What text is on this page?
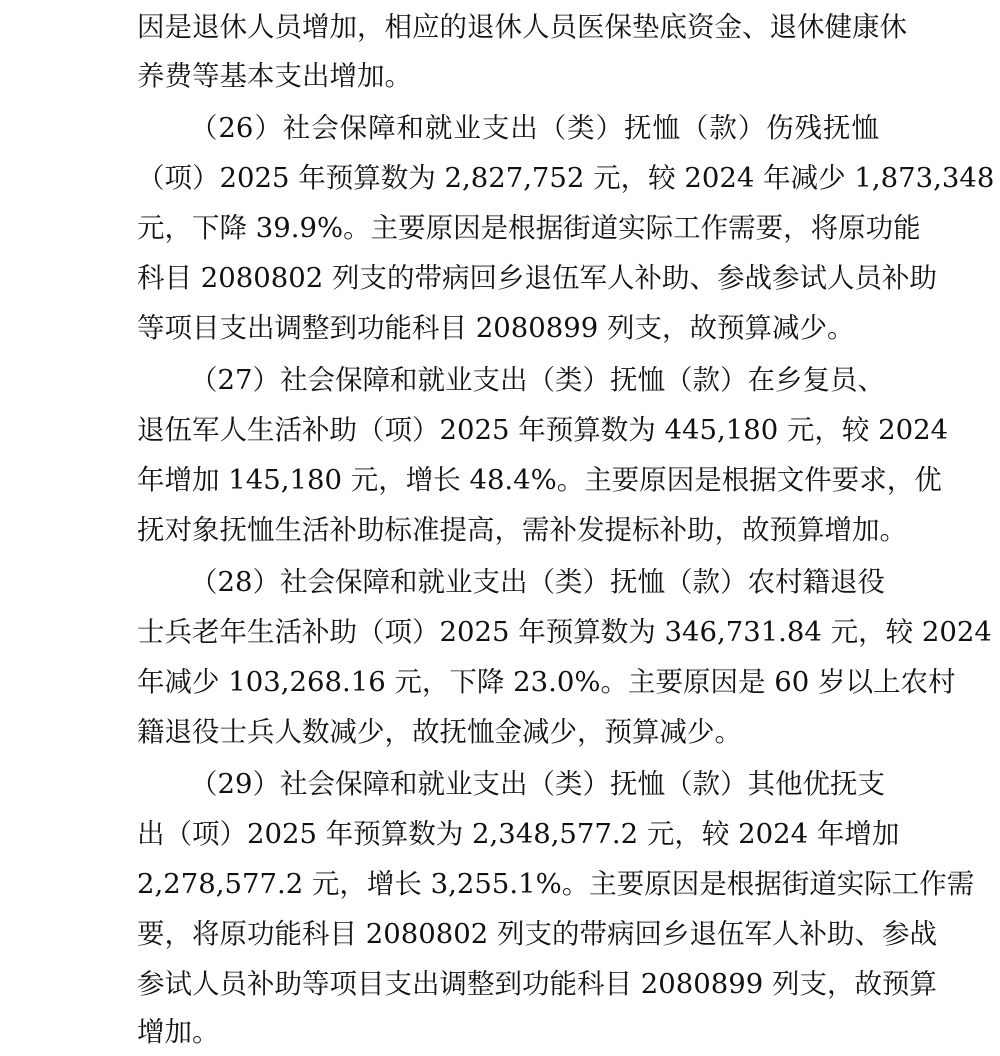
因是退休人员增加，相应的退休人员医保垫底资金、退休健康休

养费等基本支出增加。

（26）社会保障和就业支出（类）抚恤（款）伤残抚恤

（项）2025 年预算数为 2,827,752 元，较 2024 年减少 1,873,348

元，下降 39.9%。主要原因是根据街道实际工作需要，将原功能

科目 2080802 列支的带病回乡退伍军人补助、参战参试人员补助

等项目支出调整到功能科目 2080899 列支，故预算减少。

（27）社会保障和就业支出（类）抚恤（款）在乡复员、

退伍军人生活补助（项）2025 年预算数为 445,180 元，较 2024

年增加 145,180 元，增长 48.4%。主要原因是根据文件要求，优

抚对象抚恤生活补助标准提高，需补发提标补助，故预算增加。

（28）社会保障和就业支出（类）抚恤（款）农村籍退役

士兵老年生活补助（项）2025 年预算数为 346,731.84 元，较 2024

年减少 103,268.16 元，下降 23.0%。主要原因是 60 岁以上农村

籍退役士兵人数减少，故抚恤金减少，预算减少。

（29）社会保障和就业支出（类）抚恤（款）其他优抚支

出（项）2025 年预算数为 2,348,577.2 元，较 2024 年增加

2,278,577.2 元，增长 3,255.1%。主要原因是根据街道实际工作需

要，将原功能科目 2080802 列支的带病回乡退伍军人补助、参战

参试人员补助等项目支出调整到功能科目 2080899 列支，故预算

增加。
